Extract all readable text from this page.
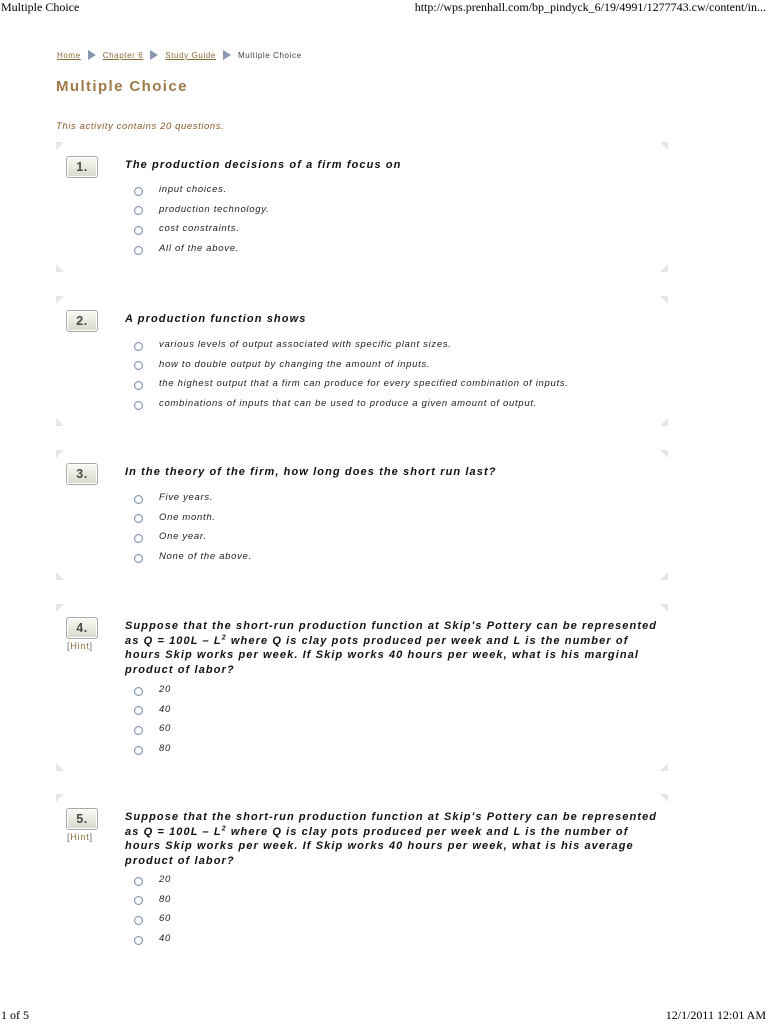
Multiple Choice	http://wps.prenhall.com/bp_pindyck_6/19/4991/1277743.cw/content/in...
Home	Chapter 6	Study Guide	Multiple Choice
Multiple Choice
This activity contains 20 questions.
1.	The production decisions of a firm focus on
input choices.
production technology.
cost constraints.
All of the above.
2.	A production function shows
various levels of output associated with specific plant sizes.
how to double output by changing the amount of inputs.
the highest output that a firm can produce for every specified combination of inputs.
combinations of inputs that can be used to produce a given amount of output.
3.	In the theory of the firm, how long does the short run last?
Five years.
One month.
One year.
None of the above.
4.
[Hint]
Suppose that the short-run production function at Skip's Pottery can be represented as $Q = 100L - L^2$ where Q is clay pots produced per week and L is the number of hours Skip works per week. If Skip works 40 hours per week, what is his marginal product of labor?
20
40
60
80
5.
[Hint]
Suppose that the short-run production function at Skip's Pottery can be represented as $Q = 100L - L^2$ where Q is clay pots produced per week and L is the number of hours Skip works per week. If Skip works 40 hours per week, what is his average product of labor?
20
80
60
40
1 of 5	12/1/2011 12:01 AM
